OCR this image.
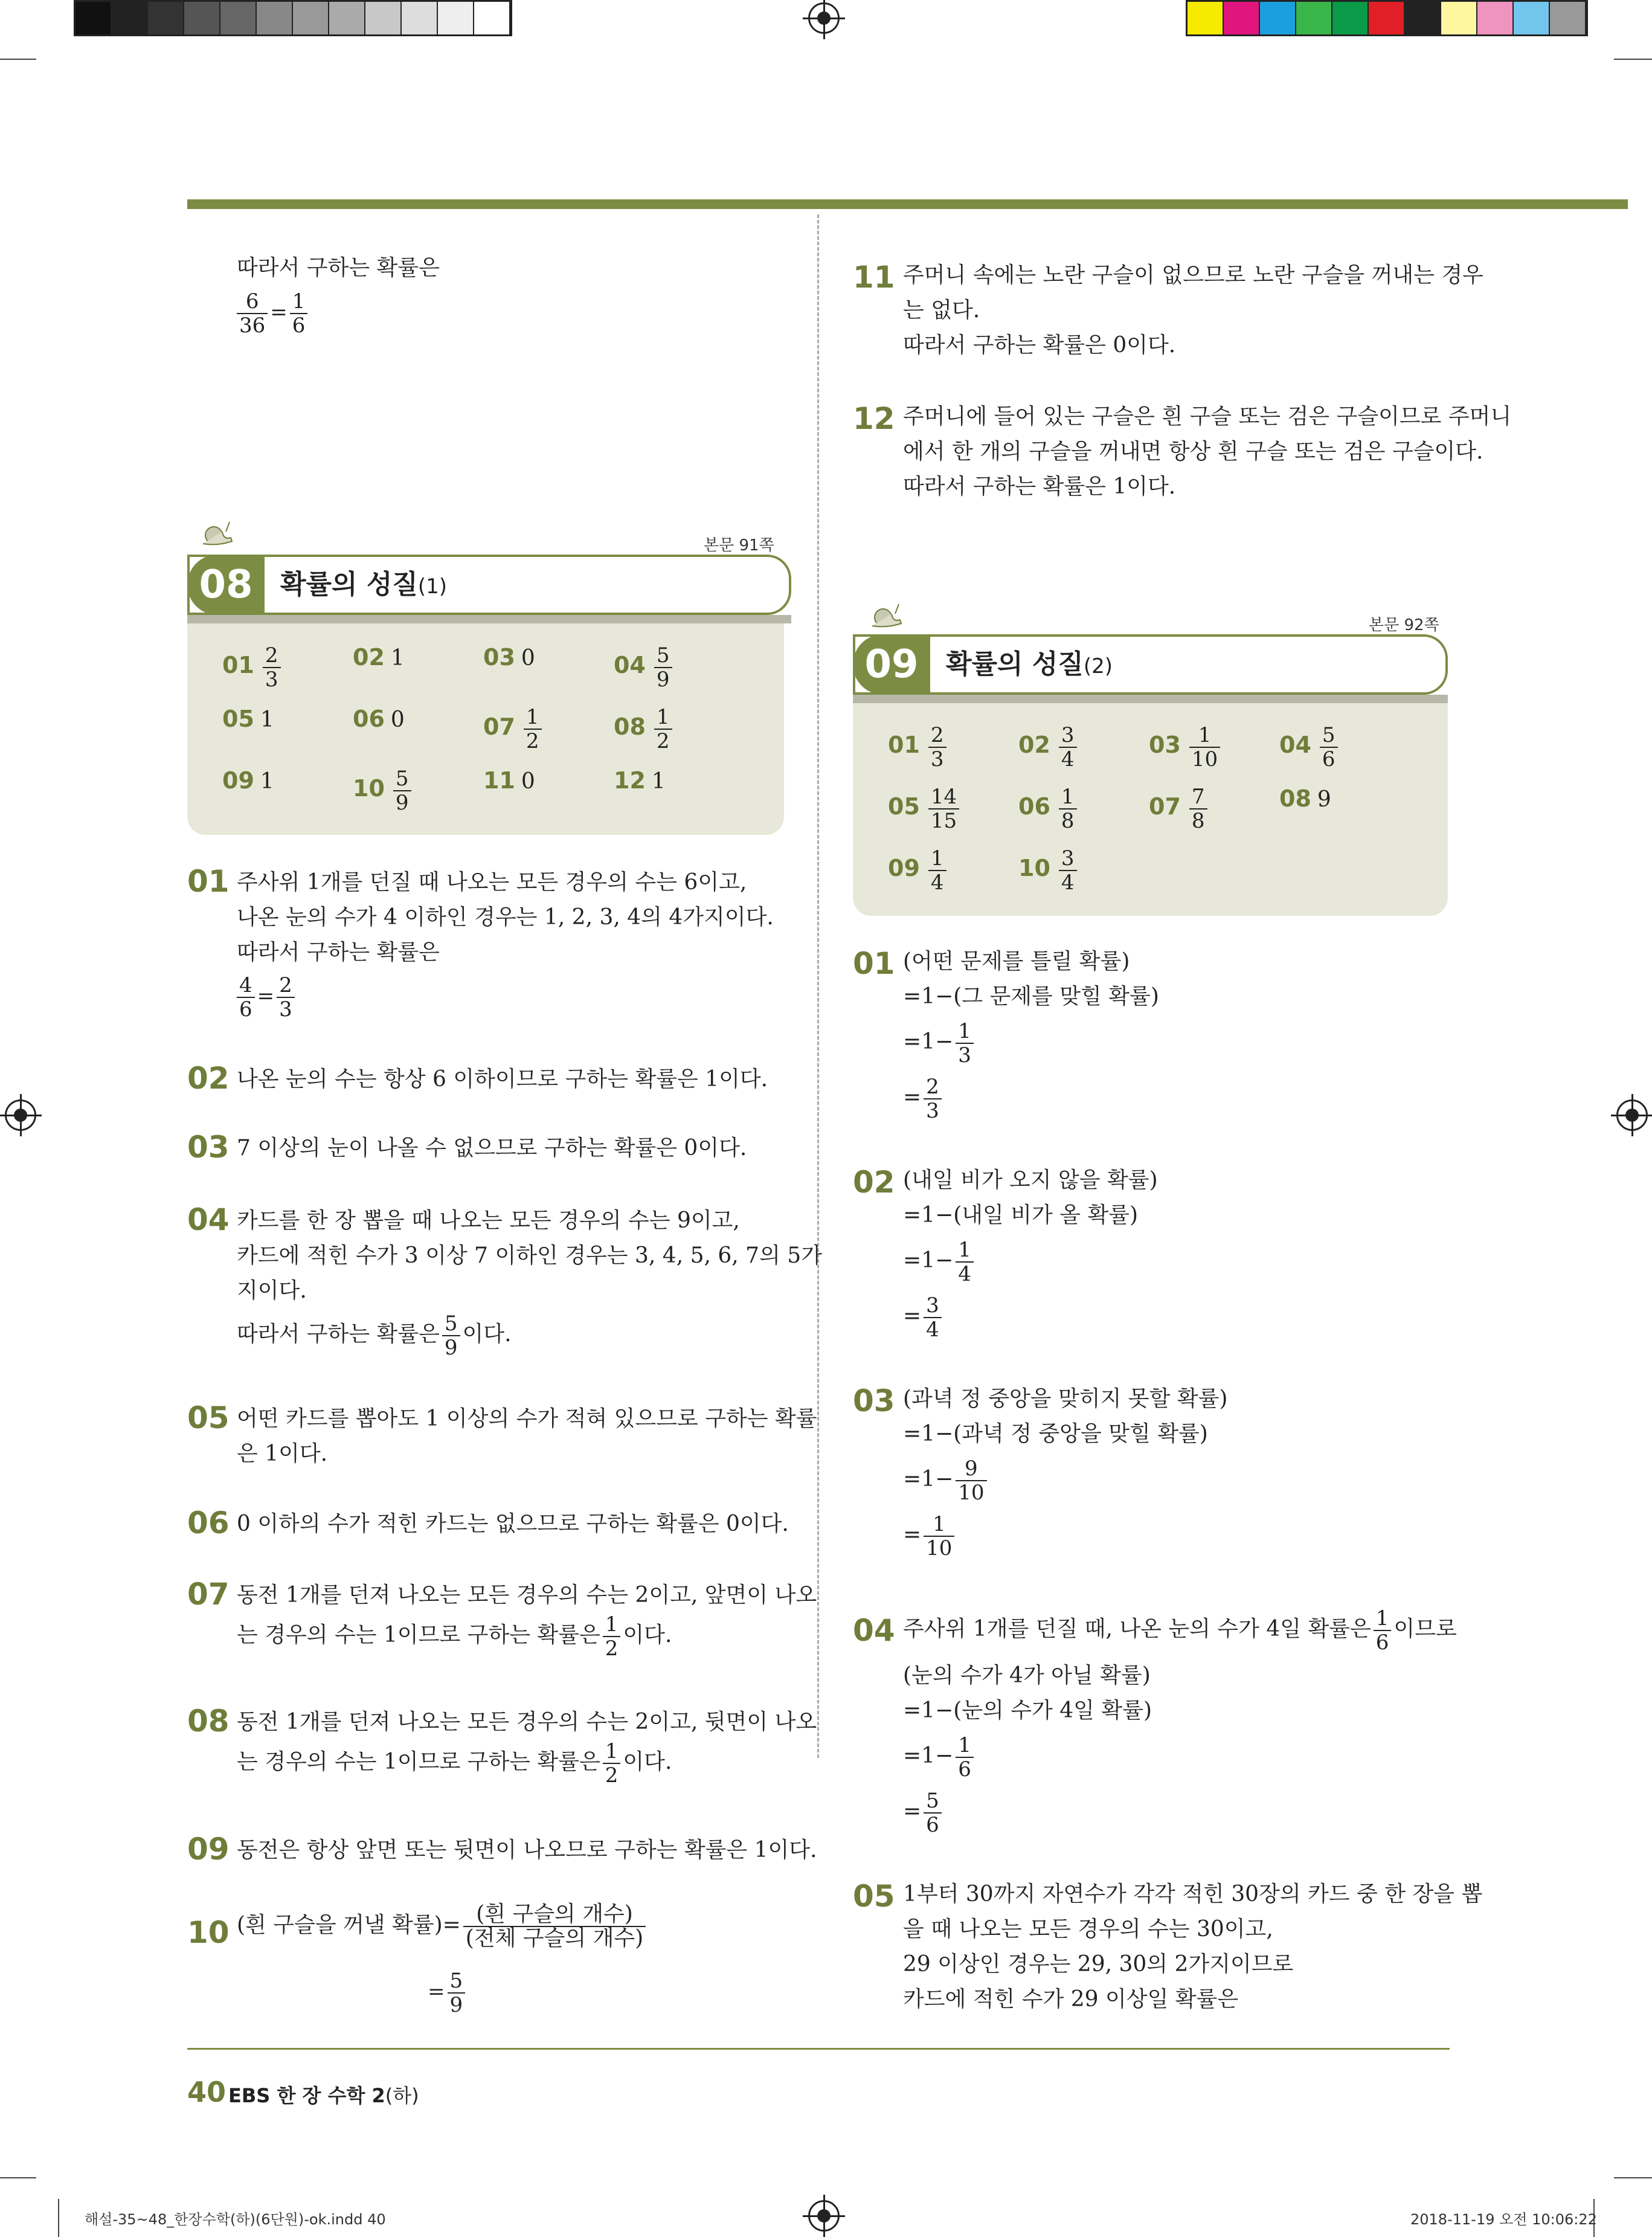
따라서 구하는 확률은

$\frac{6}{36} = \frac{1}{6}$
본문 91쪽
08	확률의 성질(1)
$01 \frac{2}{3}$	02 1	03 0	$04 \frac{5}{9}$
05 1	06 0	$07 \frac{1}{2}$	$08 \frac{1}{2}$
09 1	$10 \frac{5}{9}$	11 0	12 1
01 주사위 1개를 던질 때 나오는 모든 경우의 수는 6이고,

나온 눈의 수가 4 이하인 경우는 1, 2, 3, 4의 4가지이다.

따라서 구하는 확률은

$\frac{4}{6} = \frac{2}{3}$
02 나온 눈의 수는 항상 6 이하이므로 구하는 확률은 1이다.

03 7 이상의 눈이 나올 수 없으므로 구하는 확률은 0이다.

04 카드를 한 장 뽑을 때 나오는 모든 경우의 수는 9이고,

카드에 적힌 수가 3 이상 7 이하인 경우는 3, 4, 5, 6, 7의 5가

지이다.

따라서 구하는 확률은 $\frac{5}{9}$ 이다.
05 어떤 카드를 뽑아도 1 이상의 수가 적혀 있으므로 구하는 확률

은 1이다.

06 0 이하의 수가 적힌 카드는 없으므로 구하는 확률은 0이다.

07 동전 1개를 던져 나오는 모든 경우의 수는 2이고, 앞면이 나오

는 경우의 수는 1이므로 구하는 확률은 $\frac{1}{2}$ 이다.
08 동전 1개를 던져 나오는 모든 경우의 수는 2이고, 뒷면이 나오

는 경우의 수는 1이므로 구하는 확률은 $\frac{1}{2}$ 이다.
09 동전은 항상 앞면 또는 뒷면이 나오므로 구하는 확률은 1이다.

10 (흰 구슬을 꺼낼 확률)= $\frac{\text{(흰 구슬의 개수)}}{\text{(전체 구슬의 개수)}}$
= $\frac{5}{9}$
11 주머니 속에는 노란 구슬이 없으므로 노란 구슬을 꺼내는 경우

는 없다.

따라서 구하는 확률은 0이다.

12 주머니에 들어 있는 구슬은 흰 구슬 또는 검은 구슬이므로 주머니

에서 한 개의 구슬을 꺼내면 항상 흰 구슬 또는 검은 구슬이다.

따라서 구하는 확률은 1이다.

본문 92쪽
09	확률의 성질(2)
$01 \frac{2}{3}$	$02 \frac{3}{4}$	$03 \frac{1}{10}$	$04 \frac{5}{6}$
$05 \frac{14}{15}$	$06 \frac{1}{8}$	$07 \frac{7}{8}$	08 9
$09 \frac{1}{4}$	$10 \frac{3}{4}$
01 (어떤 문제를 틀릴 확률)

=1−(그 문제를 맞힐 확률)

$=1- \frac{1}{3}$
= $\frac{2}{3}$
02 (내일 비가 오지 않을 확률)

=1−(내일 비가 올 확률)

$=1- \frac{1}{4}$
= $\frac{3}{4}$
03 (과녁 정 중앙을 맞히지 못할 확률)

=1−(과녁 정 중앙을 맞힐 확률)

$=1- \frac{9}{10}$
= $\frac{1}{10}$
04 주사위 1개를 던질 때, 나온 눈의 수가 4일 확률은 $\frac{1}{6}$ 이므로

(눈의 수가 4가 아닐 확률)

=1−(눈의 수가 4일 확률)

$=1- \frac{1}{6}$
= $\frac{5}{6}$
05 1부터 30까지 자연수가 각각 적힌 30장의 카드 중 한 장을 뽑

을 때 나오는 모든 경우의 수는 30이고,

29 이상인 경우는 29, 30의 2가지이므로

카드에 적힌 수가 29 이상일 확률은

40 EBS 한 장 수학 2(하)
해설-35~48_한장수학(하)(6단원)-ok.indd 40	2018-11-19 오전 10:06:22
